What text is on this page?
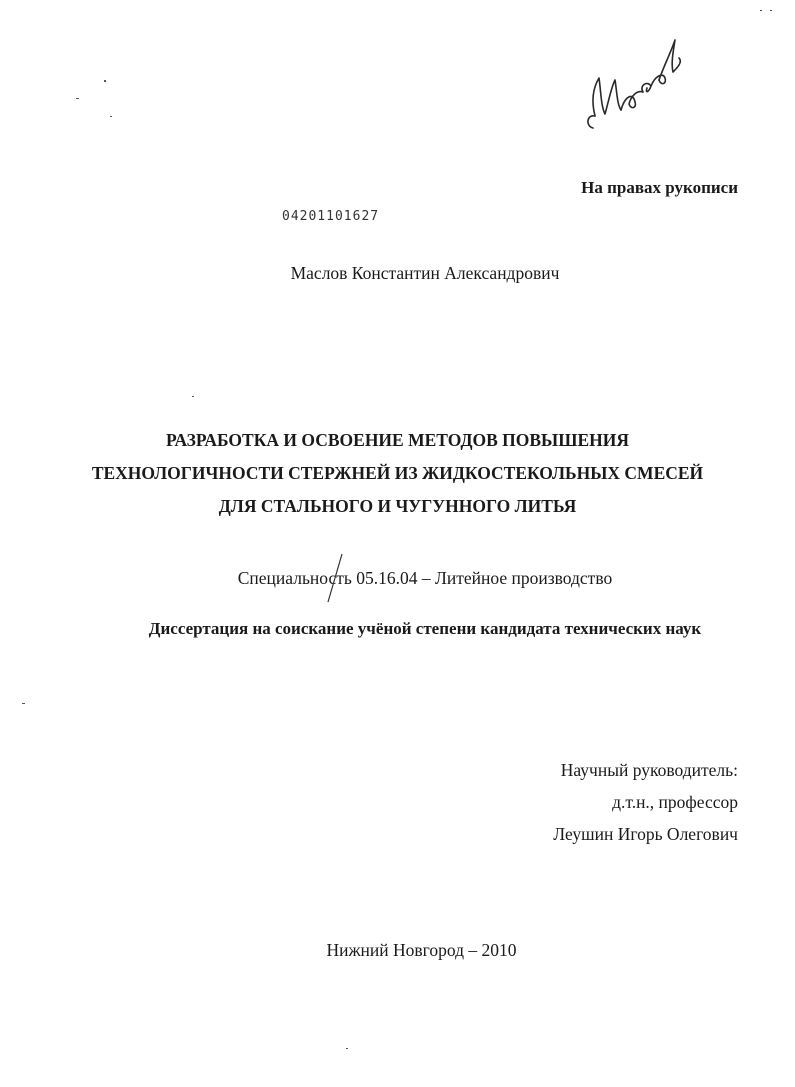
На правах рукописи
04201101627
Маслов Константин Александрович
РАЗРАБОТКА И ОСВОЕНИЕ МЕТОДОВ ПОВЫШЕНИЯ
ТЕХНОЛОГИЧНОСТИ СТЕРЖНЕЙ ИЗ ЖИДКОСТЕКОЛЬНЫХ СМЕСЕЙ
ДЛЯ СТАЛЬНОГО И ЧУГУННОГО ЛИТЬЯ
Специальность 05.16.04 – Литейное производство
Диссертация на соискание учёной степени кандидата технических наук
Научный руководитель:
д.т.н., профессор
Леушин Игорь Олегович
Нижний Новгород – 2010
